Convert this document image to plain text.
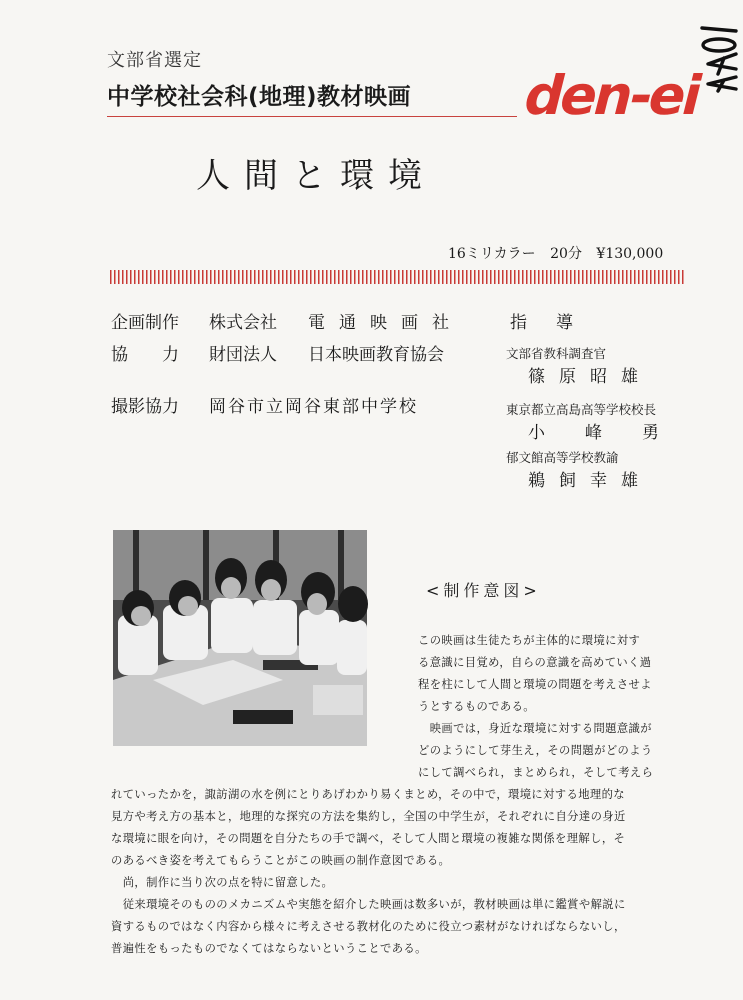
文部省選定
中学校社会科(地理)教材映画 den-ei
人間と環境
16ミリカラー 20分 ¥130,000
企画制作 株式会社 電通映画社
協　　力 財団法人 日本映画教育協会
撮影協力 岡谷市立岡谷東部中学校
指　導
文部省教科調査官
篠原昭雄
東京都立高島高等学校校長
小峰勇
郁文館高等学校教諭
鵜飼幸雄
<制作意図>

この映画は生徒たちが主体的に環境に対す

る意識に目覚め，自らの意識を高めていく過

程を柱にして人間と環境の問題を考えさせよ

うとするものである。

　映画では，身近な環境に対する問題意識が

どのようにして芽生え，その問題がどのよう

にして調べられ，まとめられ，そして考えら

れていったかを，諏訪湖の水を例にとりあげわかり易くまとめ，その中で，環境に対する地理的な

見方や考え方の基本と，地理的な探究の方法を集約し，全国の中学生が，それぞれに自分達の身近

な環境に眼を向け，その問題を自分たちの手で調べ，そして人間と環境の複雑な関係を理解し，そ

のあるべき姿を考えてもらうことがこの映画の制作意図である。

　尚，制作に当り次の点を特に留意した。

　従来環境そのもののメカニズムや実態を紹介した映画は数多いが，教材映画は単に鑑賞や解説に

資するものではなく内容から様々に考えさせる教材化のために役立つ素材がなければならないし，

普遍性をもったものでなくてはならないということである。
